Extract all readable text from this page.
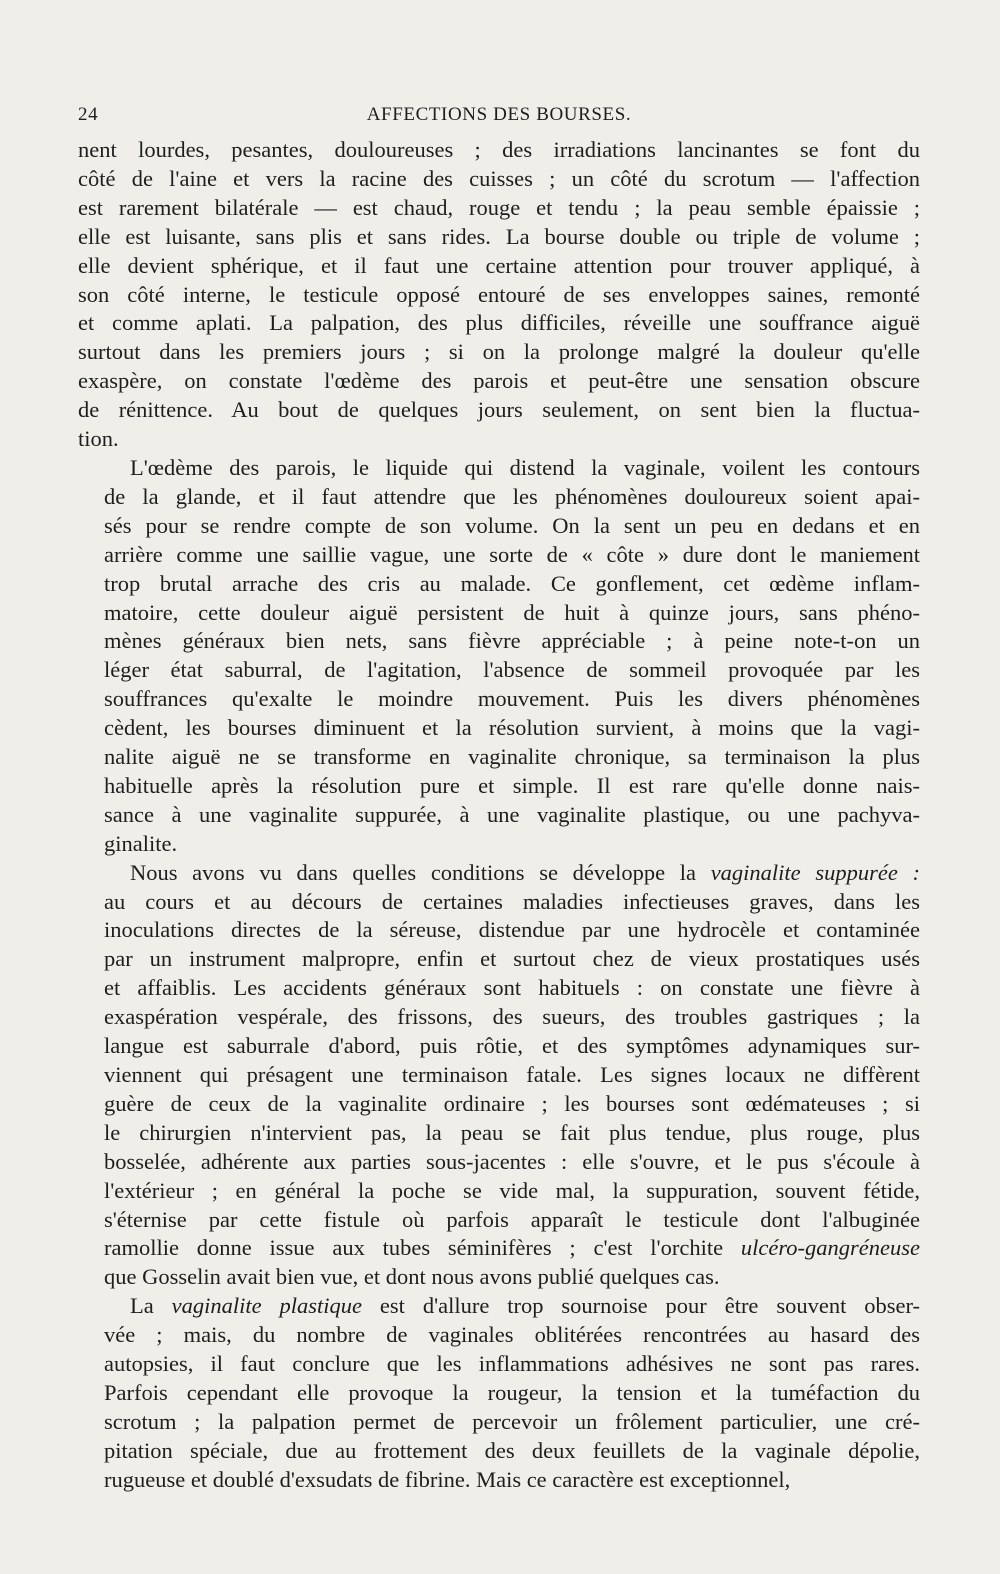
24	AFFECTIONS DES BOURSES.
nent lourdes, pesantes, douloureuses ; des irradiations lancinantes se font du
côté de l'aine et vers la racine des cuisses ; un côté du scrotum — l'affection
est rarement bilatérale — est chaud, rouge et tendu ; la peau semble épaissie ;
elle est luisante, sans plis et sans rides. La bourse double ou triple de volume ;
elle devient sphérique, et il faut une certaine attention pour trouver appliqué, à
son côté interne, le testicule opposé entouré de ses enveloppes saines, remonté
et comme aplati. La palpation, des plus difficiles, réveille une souffrance aiguë
surtout dans les premiers jours ; si on la prolonge malgré la douleur qu'elle
exaspère, on constate l'œdème des parois et peut-être une sensation obscure
de rénittence. Au bout de quelques jours seulement, on sent bien la fluctua-
tion.
L'œdème des parois, le liquide qui distend la vaginale, voilent les contours
de la glande, et il faut attendre que les phénomènes douloureux soient apai-
sés pour se rendre compte de son volume. On la sent un peu en dedans et en
arrière comme une saillie vague, une sorte de « côte » dure dont le maniement
trop brutal arrache des cris au malade. Ce gonflement, cet œdème inflam-
matoire, cette douleur aiguë persistent de huit à quinze jours, sans phéno-
mènes généraux bien nets, sans fièvre appréciable ; à peine note-t-on un
léger état saburral, de l'agitation, l'absence de sommeil provoquée par les
souffrances qu'exalte le moindre mouvement. Puis les divers phénomènes
cèdent, les bourses diminuent et la résolution survient, à moins que la vagi-
nalite aiguë ne se transforme en vaginalite chronique, sa terminaison la plus
habituelle après la résolution pure et simple. Il est rare qu'elle donne nais-
sance à une vaginalite suppurée, à une vaginalite plastique, ou une pachyva-
ginalite.
Nous avons vu dans quelles conditions se développe la vaginalite suppurée :
au cours et au décours de certaines maladies infectieuses graves, dans les
inoculations directes de la séreuse, distendue par une hydrocèle et contaminée
par un instrument malpropre, enfin et surtout chez de vieux prostatiques usés
et affaiblis. Les accidents généraux sont habituels : on constate une fièvre à
exaspération vespérale, des frissons, des sueurs, des troubles gastriques ; la
langue est saburrale d'abord, puis rôtie, et des symptômes adynamiques sur-
viennent qui présagent une terminaison fatale. Les signes locaux ne diffèrent
guère de ceux de la vaginalite ordinaire ; les bourses sont œdémateuses ; si
le chirurgien n'intervient pas, la peau se fait plus tendue, plus rouge, plus
bosselée, adhérente aux parties sous-jacentes : elle s'ouvre, et le pus s'écoule à
l'extérieur ; en général la poche se vide mal, la suppuration, souvent fétide,
s'éternise par cette fistule où parfois apparaît le testicule dont l'albuginée
ramollie donne issue aux tubes séminifères ; c'est l'orchite ulcéro-gangréneuse
que Gosselin avait bien vue, et dont nous avons publié quelques cas.
La vaginalite plastique est d'allure trop sournoise pour être souvent obser-
vée ; mais, du nombre de vaginales oblitérées rencontrées au hasard des
autopsies, il faut conclure que les inflammations adhésives ne sont pas rares.
Parfois cependant elle provoque la rougeur, la tension et la tuméfaction du
scrotum ; la palpation permet de percevoir un frôlement particulier, une cré-
pitation spéciale, due au frottement des deux feuillets de la vaginale dépolie,
rugueuse et doublé d'exsudats de fibrine. Mais ce caractère est exceptionnel,
